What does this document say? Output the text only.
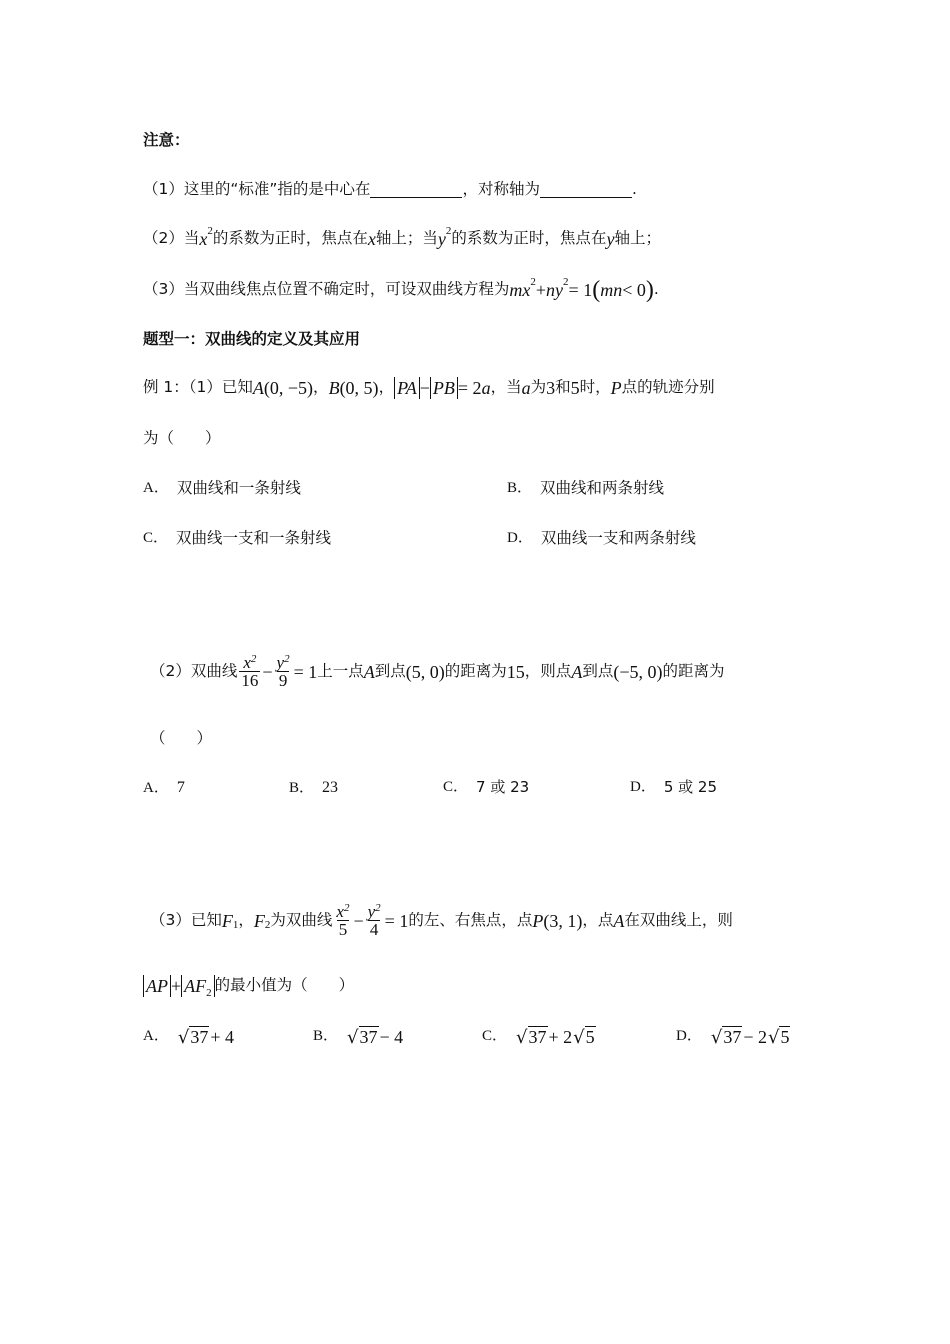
注意：
（1） 这里的“标准”指的是中心在	，对称轴为	.
（2） 当 x 2 的系数为正时，焦点在 x 轴上；当 y 2 的系数为正时，焦点在 y 轴上；
（3） 当双曲线焦点位置不确定时，可设双曲线方程为 m x 2 + n y 2 = 1 ( mn < 0 ) .
题型一：双曲线的定义及其应用
例 1：（1）已知 A (0, −5) ， B (0, 5) ， PA − PB = 2 a ，当 a 为 3 和 5 时， P 点的轨迹分别
为（　　）
A． 双曲线和一条射线	B． 双曲线和两条射线
C． 双曲线一支和一条射线	D． 双曲线一支和两条射线
（2） 双曲线 $\frac{x^2}{16} - \frac{y^2}{9} = 1$ 上一点 A 到点 (5, 0) 的距离为 15 ，则点 A 到点 (−5, 0) 的距离为
（　　）
A． 7	B． 23	C． 7 或 23	D． 5 或 25
（3） 已知 F 1 ， F 2 为双曲线 $\frac{x^2}{5} - \frac{y^2}{4} = 1$ 的左、右焦点，点 P (3, 1) ，点 A 在双曲线上，则
AP + $AF_2$ 的最小值为（　　）
A． √ 37 + 4	B． √ 37 − 4	C． √ 37 + 2 √ 5	D． √ 37 − 2 √ 5
